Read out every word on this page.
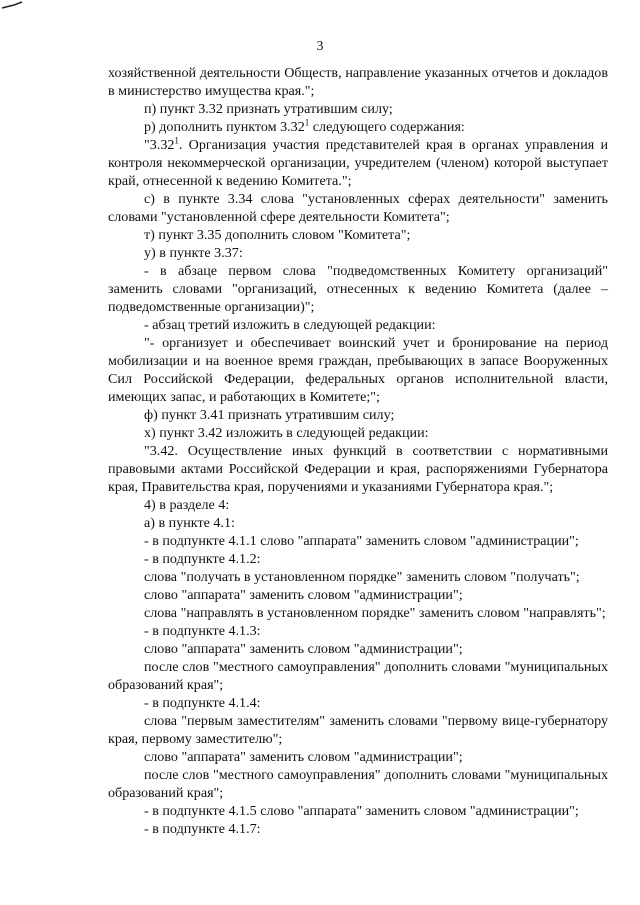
3

хозяйственной деятельности Обществ, направление указанных отчетов и докладов в министерство имущества края.";

п) пункт 3.32 признать утратившим силу;

р) дополнить пунктом 3.32$^1$ следующего содержания:

"3.32$^1$. Организация участия представителей края в органах управления и контроля некоммерческой организации, учредителем (членом) которой выступает край, отнесенной к ведению Комитета.";

с) в пункте 3.34 слова "установленных сферах деятельности" заменить словами "установленной сфере деятельности Комитета";

т) пункт 3.35 дополнить словом "Комитета";

у) в пункте 3.37:

- в абзаце первом слова "подведомственных Комитету организаций" заменить словами "организаций, отнесенных к ведению Комитета (далее – подведомственные организации)";

- абзац третий изложить в следующей редакции:

"- организует и обеспечивает воинский учет и бронирование на период мобилизации и на военное время граждан, пребывающих в запасе Вооруженных Сил Российской Федерации, федеральных органов исполнительной власти, имеющих запас, и работающих в Комитете;";

ф) пункт 3.41 признать утратившим силу;

х) пункт 3.42 изложить в следующей редакции:

"3.42. Осуществление иных функций в соответствии с нормативными правовыми актами Российской Федерации и края, распоряжениями Губернатора края, Правительства края, поручениями и указаниями Губернатора края.";

4) в разделе 4:

а) в пункте 4.1:

- в подпункте 4.1.1 слово "аппарата" заменить словом "администрации";

- в подпункте 4.1.2:

слова "получать в установленном порядке" заменить словом "получать";

слово "аппарата" заменить словом "администрации";

слова "направлять в установленном порядке" заменить словом "направлять";

- в подпункте 4.1.3:

слово "аппарата" заменить словом "администрации";

после слов "местного самоуправления" дополнить словами "муниципальных образований края";

- в подпункте 4.1.4:

слова "первым заместителям" заменить словами "первому вице-губернатору края, первому заместителю";

слово "аппарата" заменить словом "администрации";

после слов "местного самоуправления" дополнить словами "муниципальных образований края";

- в подпункте 4.1.5 слово "аппарата" заменить словом "администрации";

- в подпункте 4.1.7:
